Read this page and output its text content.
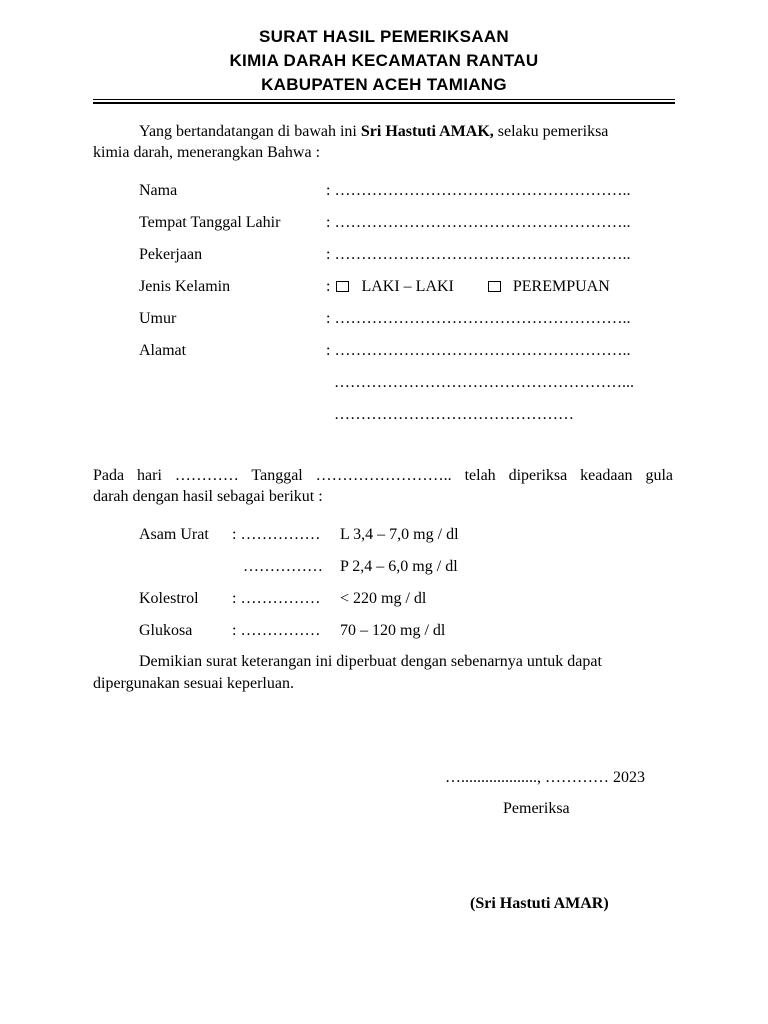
SURAT HASIL PEMERIKSAAN
KIMIA DARAH KECAMATAN RANTAU
KABUPATEN ACEH TAMIANG
Yang bertandatangan di bawah ini Sri Hastuti AMAK, selaku pemeriksa
kimia darah, menerangkan Bahwa :
Nama	: ………………………………………………..
Tempat Tanggal Lahir	: ………………………………………………..
Pekerjaan	: ………………………………………………..
Jenis Kelamin	: LAKI – LAKI	PEREMPUAN
Umur	: ………………………………………………..
Alamat	: ………………………………………………..
………………………………………………...
………………………………………
Pada hari ………… Tanggal …………………….. telah diperiksa keadaan gula
darah dengan hasil sebagai berikut :
Asam Urat : …………… L 3,4 – 7,0 mg / dl
…………… P 2,4 – 6,0 mg / dl
Kolestrol : …………… < 220 mg / dl
Glukosa : …………… 70 – 120 mg / dl
Demikian surat keterangan ini diperbuat dengan sebenarnya untuk dapat
dipergunakan sesuai keperluan.
…..................., ………… 2023
Pemeriksa
(Sri Hastuti AMAR)
